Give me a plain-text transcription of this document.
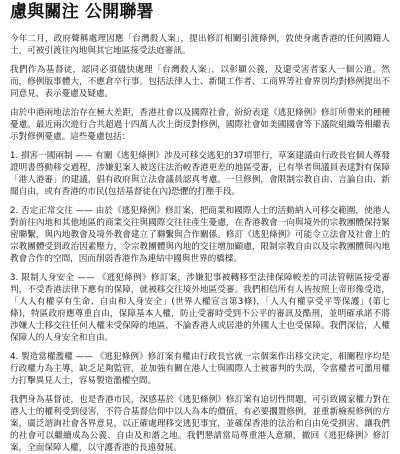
慮與關注 公開聯署

今年二月，政府聲稱處理因應「台灣殺人案」，提出修訂相關引渡條例，敦使身處香港的任何國籍人士，可被引渡往內地與其它地區接受法庭審訊。

我們作為基督徒，認同必須儘快處理「台灣殺人案」，以彰顯公義，及還受害者家人一個公道。然而，修例版事體大，不應倉卒行事。包括法律人士、新聞工作者、工商界等社會界別均對修例提出不同意見，表示憂慮及疑慮。

由於中港兩地法治存在極大差距，香港社會以及國際社會，紛紛表達《逃犯條例》修訂所帶來的種種憂慮。最近兩次遊行合共超過十四萬人次上街反對修例，國際社會如美國國會等下議院組織等相繼表示對修例憂慮。這些憂慮包括：

1. 損害一國兩制 —— 有關《逃犯條例》涉及可移交逃犯的37項罪行，草案建議由行政長官個人尊發證明書啓動移交過程，涉嫌犯案人被送往法治較香港更差的地區受審，已有學者與議員表達對有保障「港人港審」的建議，倡有政府與立法會議員認真考慮。一旦修例，會限制宗教自由、言論自由、新聞自由，或有香港的市民(包括基督徒在內)恐懼的打壓手段。

2. 否定正常交往 —— 由於《逃犯條例》修訂案，把商業和國際人士的活動納入可移交範圍，使港人對前往內地和其他地區的商業交往與國際交往往產生憂慮，在香港教會一向與境外的宗教團體保持緊密聯繫，與內地教會及境外教會建立了聯繫與合作關係。修訂《逃犯條例》可能令立法會及社會上的宗教團體受到政治因素壓力，令宗教團體與內地的交往增加顧慮，限制宗教自由以及宗教團體與內地教會合作的空間，因而削弱香港作為連結中國與世界的橋樑。

3. 限制人身安全 —— 《逃犯條例》修訂案，涉嫌犯事被轉移至法律保障較差的司法管轄區接受審判，不受香港法律下應有的保障，就被移交往境外地區受審。我們相信所有人皆按照上帝形像受造，「人人有權享有生命、自由和人身安全」(世界人權宣言第3條)，「人人有權享受平等保護」(第七條)，特區政府應尊重自由，保障基本人權，防止受審時受到不公平的審訊及酷刑，並明確承諾不將涉嫌人士移交往任何人權未受保障的地區，不論香港人或居港的外國人士也受保障。我們深信，人權保障人的人身安全和自由。

4. 製造當權濫權 —— 《逃犯條例》修訂案有權由行政長官就一宗個案作出移交決定，相關程序均是行政權力為主導，缺乏足夠監管，並加強有關在港人士與國際人士被審判的失誤，令當權者可濫用權力打擊異見人士，容易製造濫權空間。

我們身為基督徒，也是香港市民，深感基於《逃犯條例》修訂案有迫切性問題，可引致國家權力對在港人士的權利受到侵害，不符合基督信仰中以人為本的價值，有必要擱置修例，並重新檢視修例的方案，廣泛諮詢社會各界意見，以正確處理移交逃犯事宜，並確保香港的法治和自由免受損害，讓我們的社會可以繼續成為公義、自由及和諧之地。我們懇請當局尊重港人意願，撤回《逃犯條例》修訂案，全面保障人權，以守護香港的長遠發展。
